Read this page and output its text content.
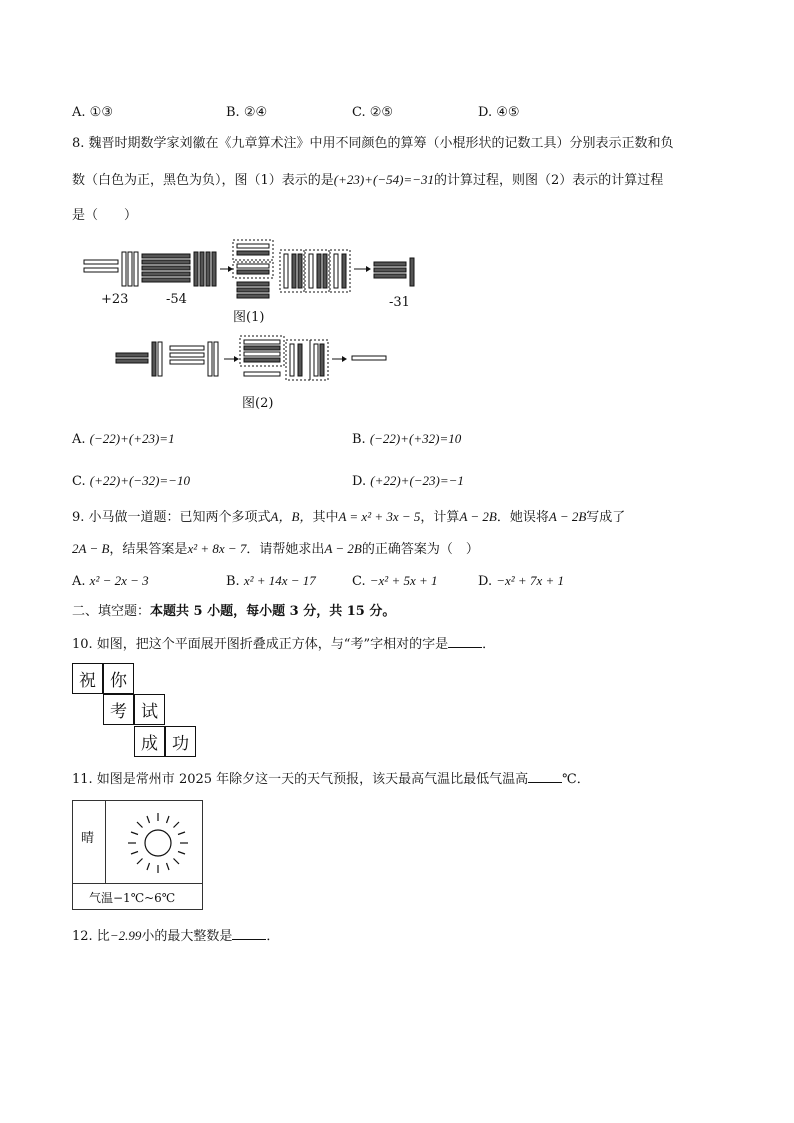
A. ①③	B. ②④	C. ②⑤	D. ④⑤
8. 魏晋时期数学家刘徽在《九章算术注》中用不同颜色的算筹（小棍形状的记数工具）分别表示正数和负
数（白色为正，黑色为负），图（1）表示的是(+23)+(−54)=−31的计算过程，则图（2）表示的计算过程
是（　　）
+23	-54	-31
图(1)
图(2)
A. (−22)+(+23)=1	B. (−22)+(+32)=10
C. (+22)+(−32)=−10	D. (+22)+(−23)=−1
9. 小马做一道题：已知两个多项式A，B，其中A = x² + 3x − 5，计算A − 2B．她误将A − 2B写成了
2A − B，结果答案是x² + 8x − 7．请帮她求出A − 2B的正确答案为（　）
A. x² − 2x − 3	B. x² + 14x − 17	C. −x² + 5x + 1	D. −x² + 7x + 1
二、填空题：本题共 5 小题，每小题 3 分，共 15 分。
10. 如图，把这个平面展开图折叠成正方体，与“考”字相对的字是	．
祝 你
考 试
成 功
11. 如图是常州市 2025 年除夕这一天的天气预报，该天最高气温比最低气温高	℃．
晴
气温−1℃~6℃
12. 比−2.99小的最大整数是	．
